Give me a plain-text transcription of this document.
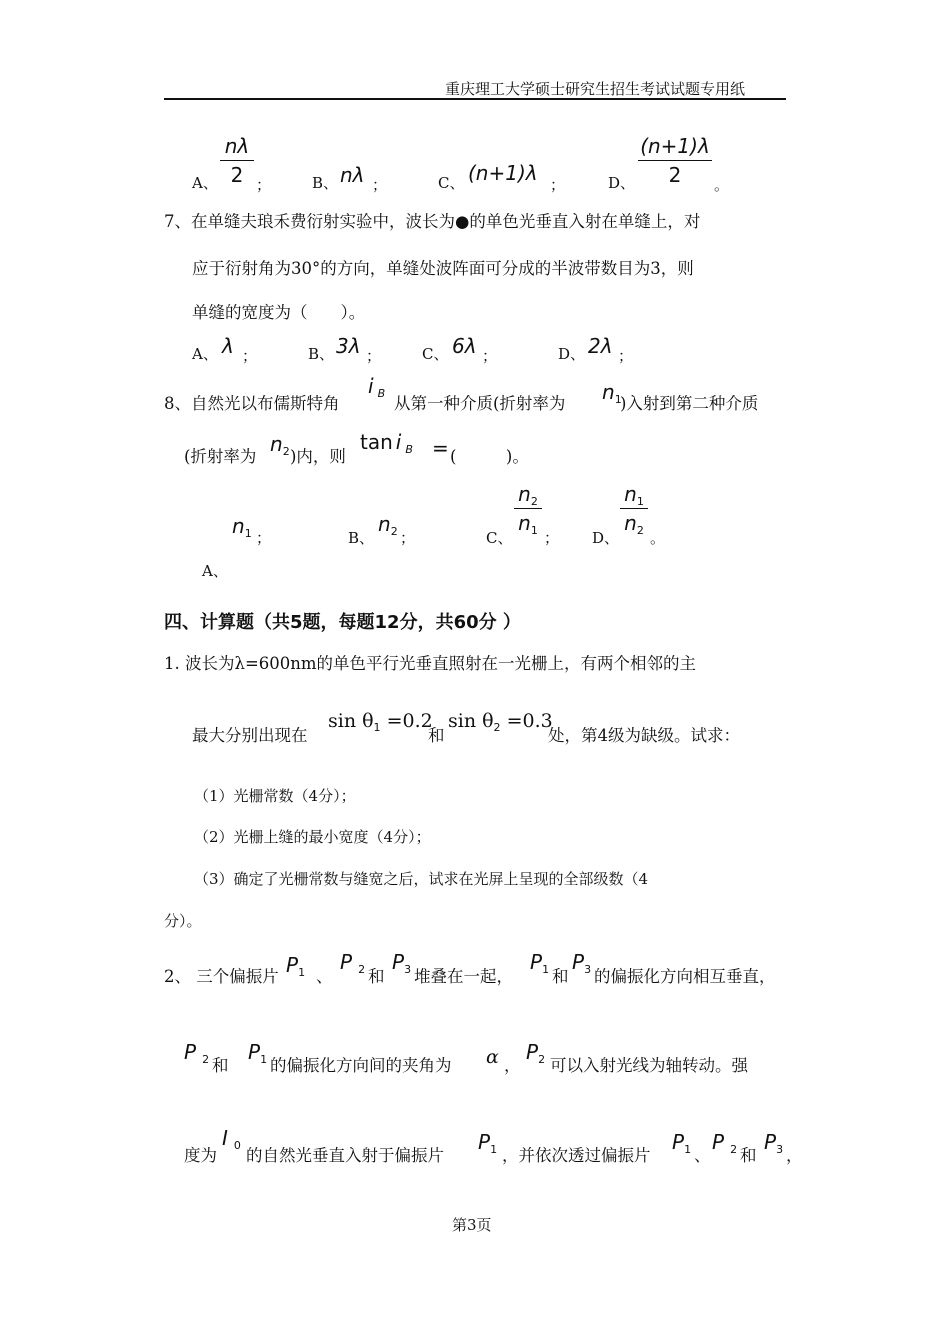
重庆理工大学硕士研究生招生考试试题专用纸
A、
nλ
2 ；	B、 nλ ；	C、 (n+1)λ ；	D、
(n+1)λ
2	。
7、在单缝夫琅禾费衍射实验中，波长为●的单色光垂直入射在单缝上，对
应于衍射角为30°的方向，单缝处波阵面可分成的半波带数目为3，则
单缝的宽度为（　　）。
A、 λ ；	B、 3λ ；	C、 6λ ；	D、 2λ ；
8、自然光以布儒斯特角
i $_B$
从第一种介质(折射率为 $n_1$
)入射到第二种介质
(折射率为
$n_2$ )内，则
tan i $_B$ = (　　　)。
$n_1$ ；
A、
B、
$n_2$ ；	C、
$n_2$
$n_1$ ； D、
$n_1$
$n_2$ 。
四、计算题（共5题，每题12分，共60分 ）
1. 波长为λ=600nm的单色平行光垂直照射在一光栅上，有两个相邻的主
最大分别出现在
$\sin \theta_1 =0.2$
和
$\sin \theta_2 =0.3$
处，第4级为缺级。试求：
（1）光栅常数（4分）；
（2）光栅上缝的最小宽度（4分）；
（3）确定了光栅常数与缝宽之后，试求在光屏上呈现的全部级数（4
分）。
2、 三个偏振片 $P_1$ 、
P $_2$ 和
$P_3$ 堆叠在一起，
$P_1$ 和
$P_3$ 的偏振化方向相互垂直，
P $_2$ 和
$P_1$ 的偏振化方向间的夹角为 α ，
$P_2$ 可以入射光线为轴转动。强
度为
I $_0$
的自然光垂直入射于偏振片
$P_1$ ，并依次透过偏振片
$P_1$ 、
P $_2$ 和
$P_3$ ，
第3页
